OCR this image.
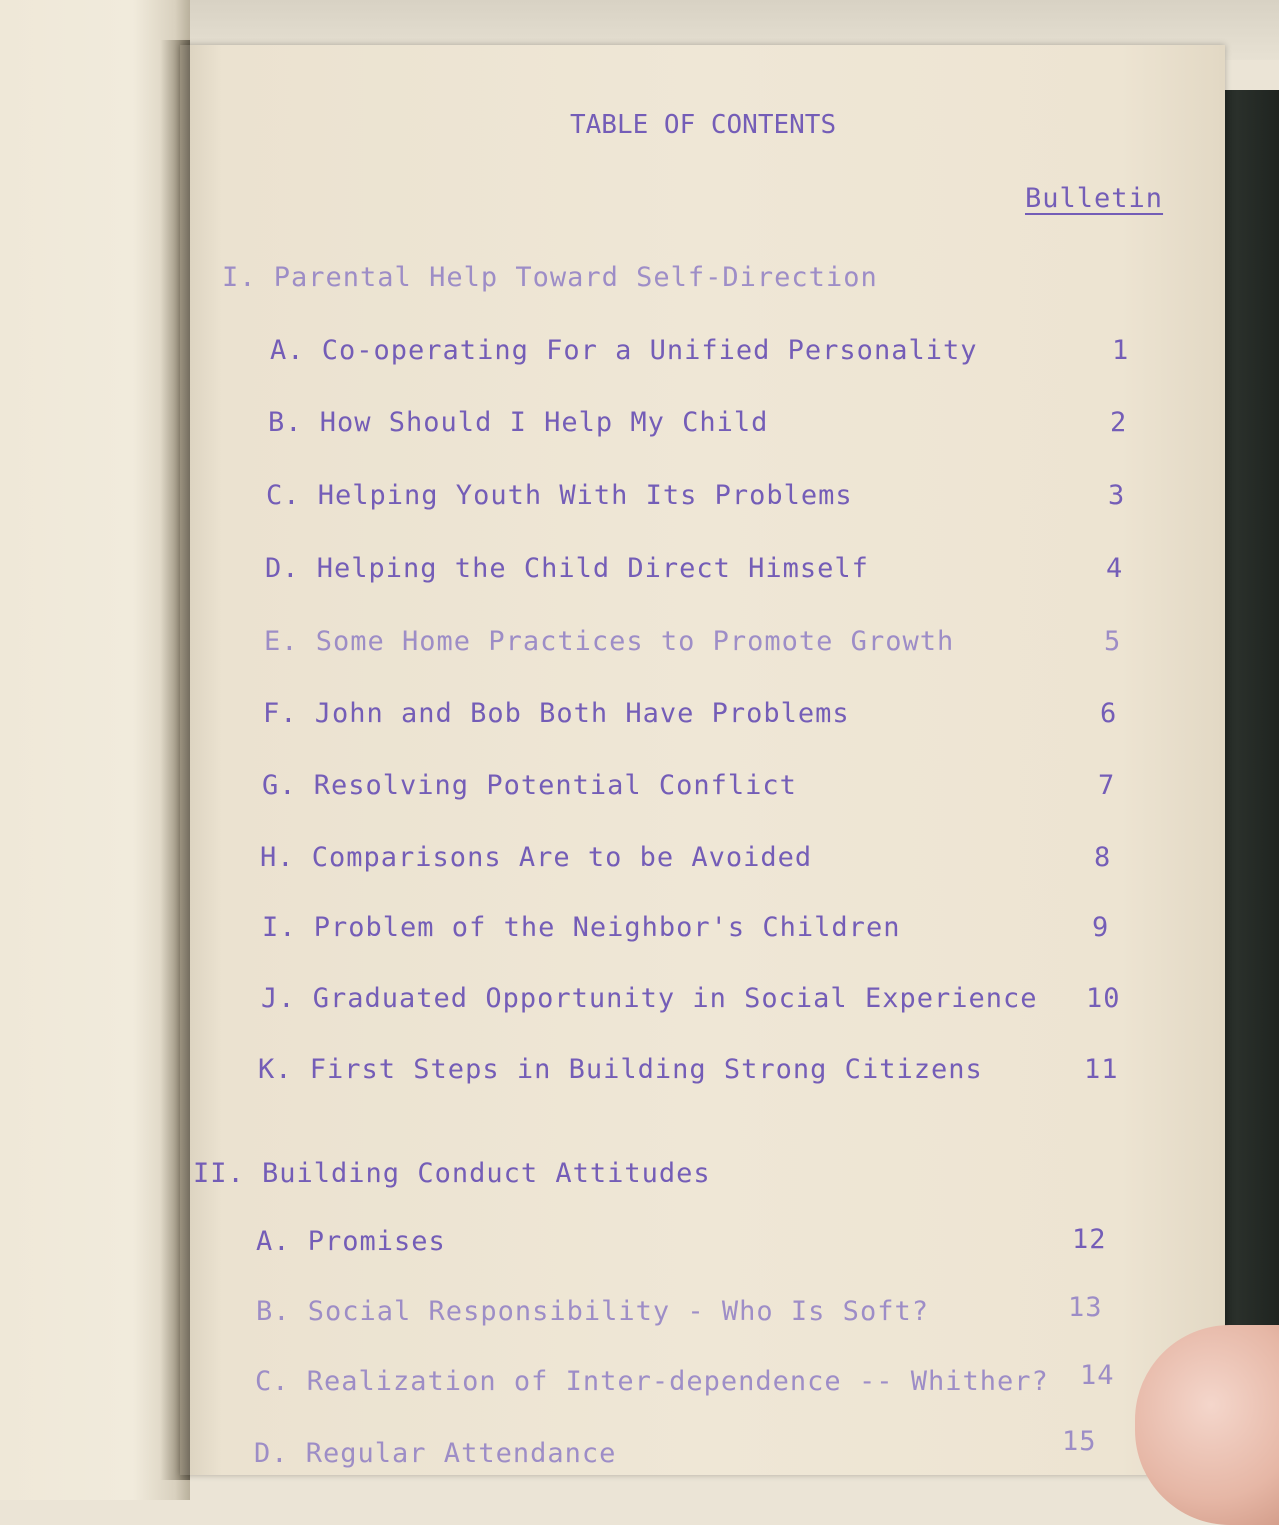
TABLE OF CONTENTS
Bulletin
I. Parental Help Toward Self-Direction
A. Co-operating For a Unified Personality	1
B. How Should I Help My Child	2
C. Helping Youth With Its Problems	3
D. Helping the Child Direct Himself	4
E. Some Home Practices to Promote Growth	5
F. John and Bob Both Have Problems	6
G. Resolving Potential Conflict	7
H. Comparisons Are to be Avoided	8
I. Problem of the Neighbor's Children	9
J. Graduated Opportunity in Social Experience 10
K. First Steps in Building Strong Citizens	11
II. Building Conduct Attitudes
A. Promises	12
B. Social Responsibility - Who Is Soft?	13
C. Realization of Inter-dependence -- Whither? 14
D. Regular Attendance	15
